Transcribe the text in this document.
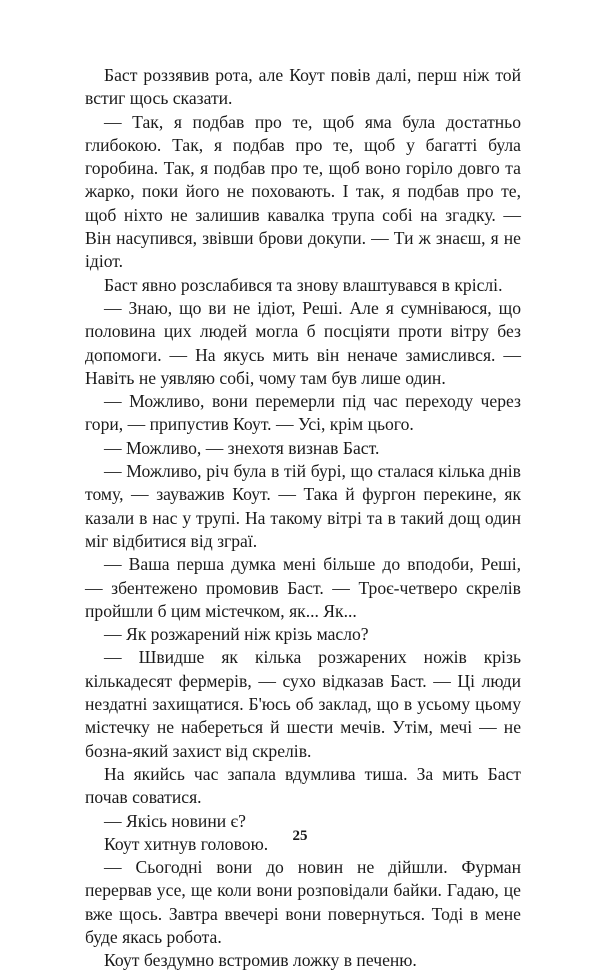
Баст роззявив рота, але Коут повів далі, перш ніж той встиг щось сказати.

— Так, я подбав про те, щоб яма була достатньо глибокою. Так, я подбав про те, щоб у багатті була горобина. Так, я подбав про те, щоб воно горіло довго та жарко, поки його не поховають. І так, я подбав про те, щоб ніхто не залишив кавалка трупа собі на згадку. — Він насупився, звівши брови докупи. — Ти ж знаєш, я не ідіот.

Баст явно розслабився та знову влаштувався в кріслі.

— Знаю, що ви не ідіот, Реші. Але я сумніваюся, що половина цих людей могла б посціяти проти вітру без допомоги. — На якусь мить він неначе замислився. — Навіть не уявляю собі, чому там був лише один.

— Можливо, вони перемерли під час переходу через гори, — припустив Коут. — Усі, крім цього.

— Можливо, — знехотя визнав Баст.

— Можливо, річ була в тій бурі, що сталася кілька днів тому, — зауважив Коут. — Така й фургон перекине, як казали в нас у трупі. На такому вітрі та в такий дощ один міг відбитися від зграї.

— Ваша перша думка мені більше до вподоби, Реші, — збентежено промовив Баст. — Троє-четверо скрелів пройшли б цим містечком, як... Як...

— Як розжарений ніж крізь масло?

— Швидше як кілька розжарених ножів крізь кількадесят фермерів, — сухо відказав Баст. — Ці люди нездатні захищатися. Б'юсь об заклад, що в усьому цьому містечку не набереться й шести мечів. Утім, мечі — не бозна-який захист від скрелів.

На якийсь час запала вдумлива тиша. За мить Баст почав соватися.

— Якісь новини є?

Коут хитнув головою.

— Сьогодні вони до новин не дійшли. Фурман перервав усе, ще коли вони розповідали байки. Гадаю, це вже щось. Завтра ввечері вони повернуться. Тоді в мене буде якась робота.

Коут бездумно встромив ложку в печеню.

25
